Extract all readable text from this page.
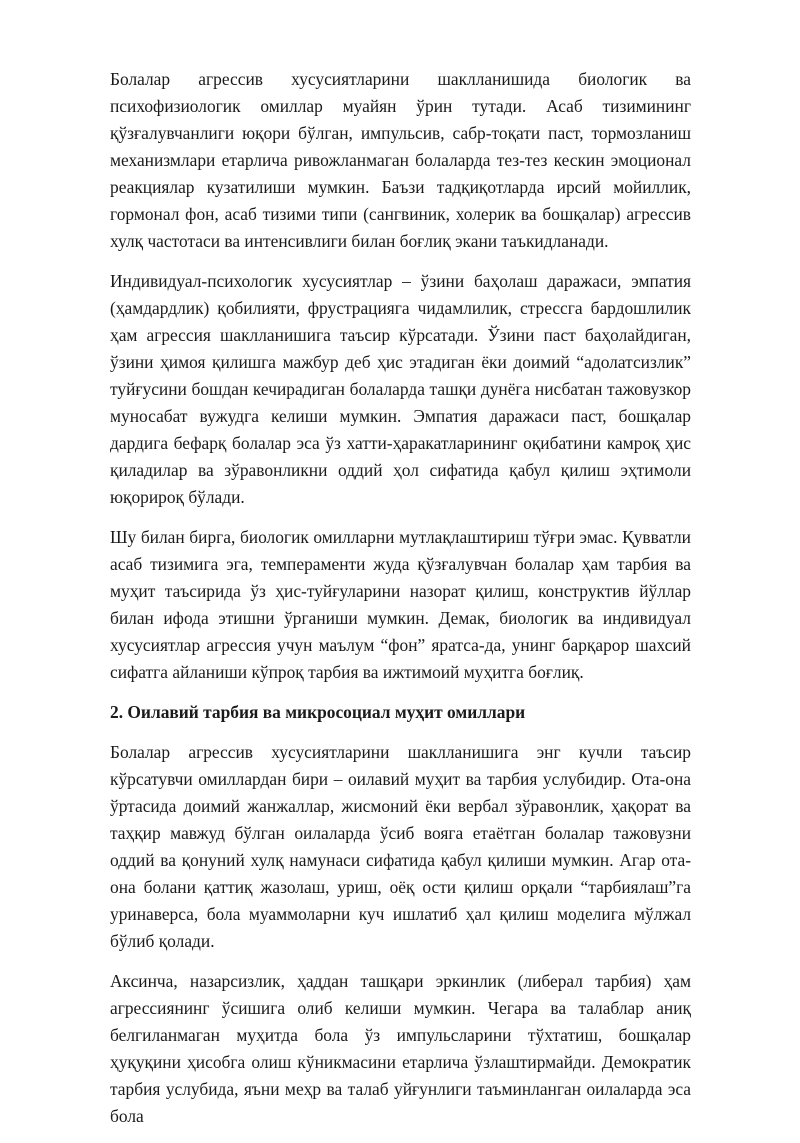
Болалар агрессив хусусиятларини шаклланишида биологик ва психофизиологик омиллар муайян ўрин тутади. Асаб тизимининг қўзғалувчанлиги юқори бўлган, импульсив, сабр-тоқати паст, тормозланиш механизмлари етарлича ривожланмаган болаларда тез-тез кескин эмоционал реакциялар кузатилиши мумкин. Баъзи тадқиқотларда ирсий мойиллик, гормонал фон, асаб тизими типи (сангвиник, холерик ва бошқалар) агрессив хулқ частотаси ва интенсивлиги билан боғлиқ экани таъкидланади.

Индивидуал-психологик хусусиятлар – ўзини баҳолаш даражаси, эмпатия (ҳамдардлик) қобилияти, фрустрацияга чидамлилик, стрессга бардошлилик ҳам агрессия шаклланишига таъсир кўрсатади. Ўзини паст баҳолайдиган, ўзини ҳимоя қилишга мажбур деб ҳис этадиган ёки доимий “адолатсизлик” туйғусини бошдан кечирадиган болаларда ташқи дунёга нисбатан тажовузкор муносабат вужудга келиши мумкин. Эмпатия даражаси паст, бошқалар дардига бефарқ болалар эса ўз хатти-ҳаракатларининг оқибатини камроқ ҳис қиладилар ва зўравонликни оддий ҳол сифатида қабул қилиш эҳтимоли юқорироқ бўлади.

Шу билан бирга, биологик омилларни мутлақлаштириш тўғри эмас. Қувватли асаб тизимига эга, темпераменти жуда қўзғалувчан болалар ҳам тарбия ва муҳит таъсирида ўз ҳис-туйғуларини назорат қилиш, конструктив йўллар билан ифода этишни ўрганиши мумкин. Демак, биологик ва индивидуал хусусиятлар агрессия учун маълум “фон” яратса-да, унинг барқарор шахсий сифатга айланиши кўпроқ тарбия ва ижтимоий муҳитга боғлиқ.

2. Оилавий тарбия ва микросоциал муҳит омиллари

Болалар агрессив хусусиятларини шаклланишига энг кучли таъсир кўрсатувчи омиллардан бири – оилавий муҳит ва тарбия услубидир. Ота-она ўртасида доимий жанжаллар, жисмоний ёки вербал зўравонлик, ҳақорат ва таҳқир мавжуд бўлган оилаларда ўсиб вояга етаётган болалар тажовузни оддий ва қонуний хулқ намунаси сифатида қабул қилиши мумкин. Агар ота-она болани қаттиқ жазолаш, уриш, оёқ ости қилиш орқали “тарбиялаш”га уринаверса, бола муаммоларни куч ишлатиб ҳал қилиш моделига мўлжал бўлиб қолади.

Аксинча, назарсизлик, ҳаддан ташқари эркинлик (либерал тарбия) ҳам агрессиянинг ўсишига олиб келиши мумкин. Чегара ва талаблар аниқ белгиланмаган муҳитда бола ўз импульсларини тўхтатиш, бошқалар ҳуқуқини ҳисобга олиш кўникмасини етарлича ўзлаштирмайди. Демократик тарбия услубида, яъни меҳр ва талаб уйғунлиги таъминланган оилаларда эса бола
